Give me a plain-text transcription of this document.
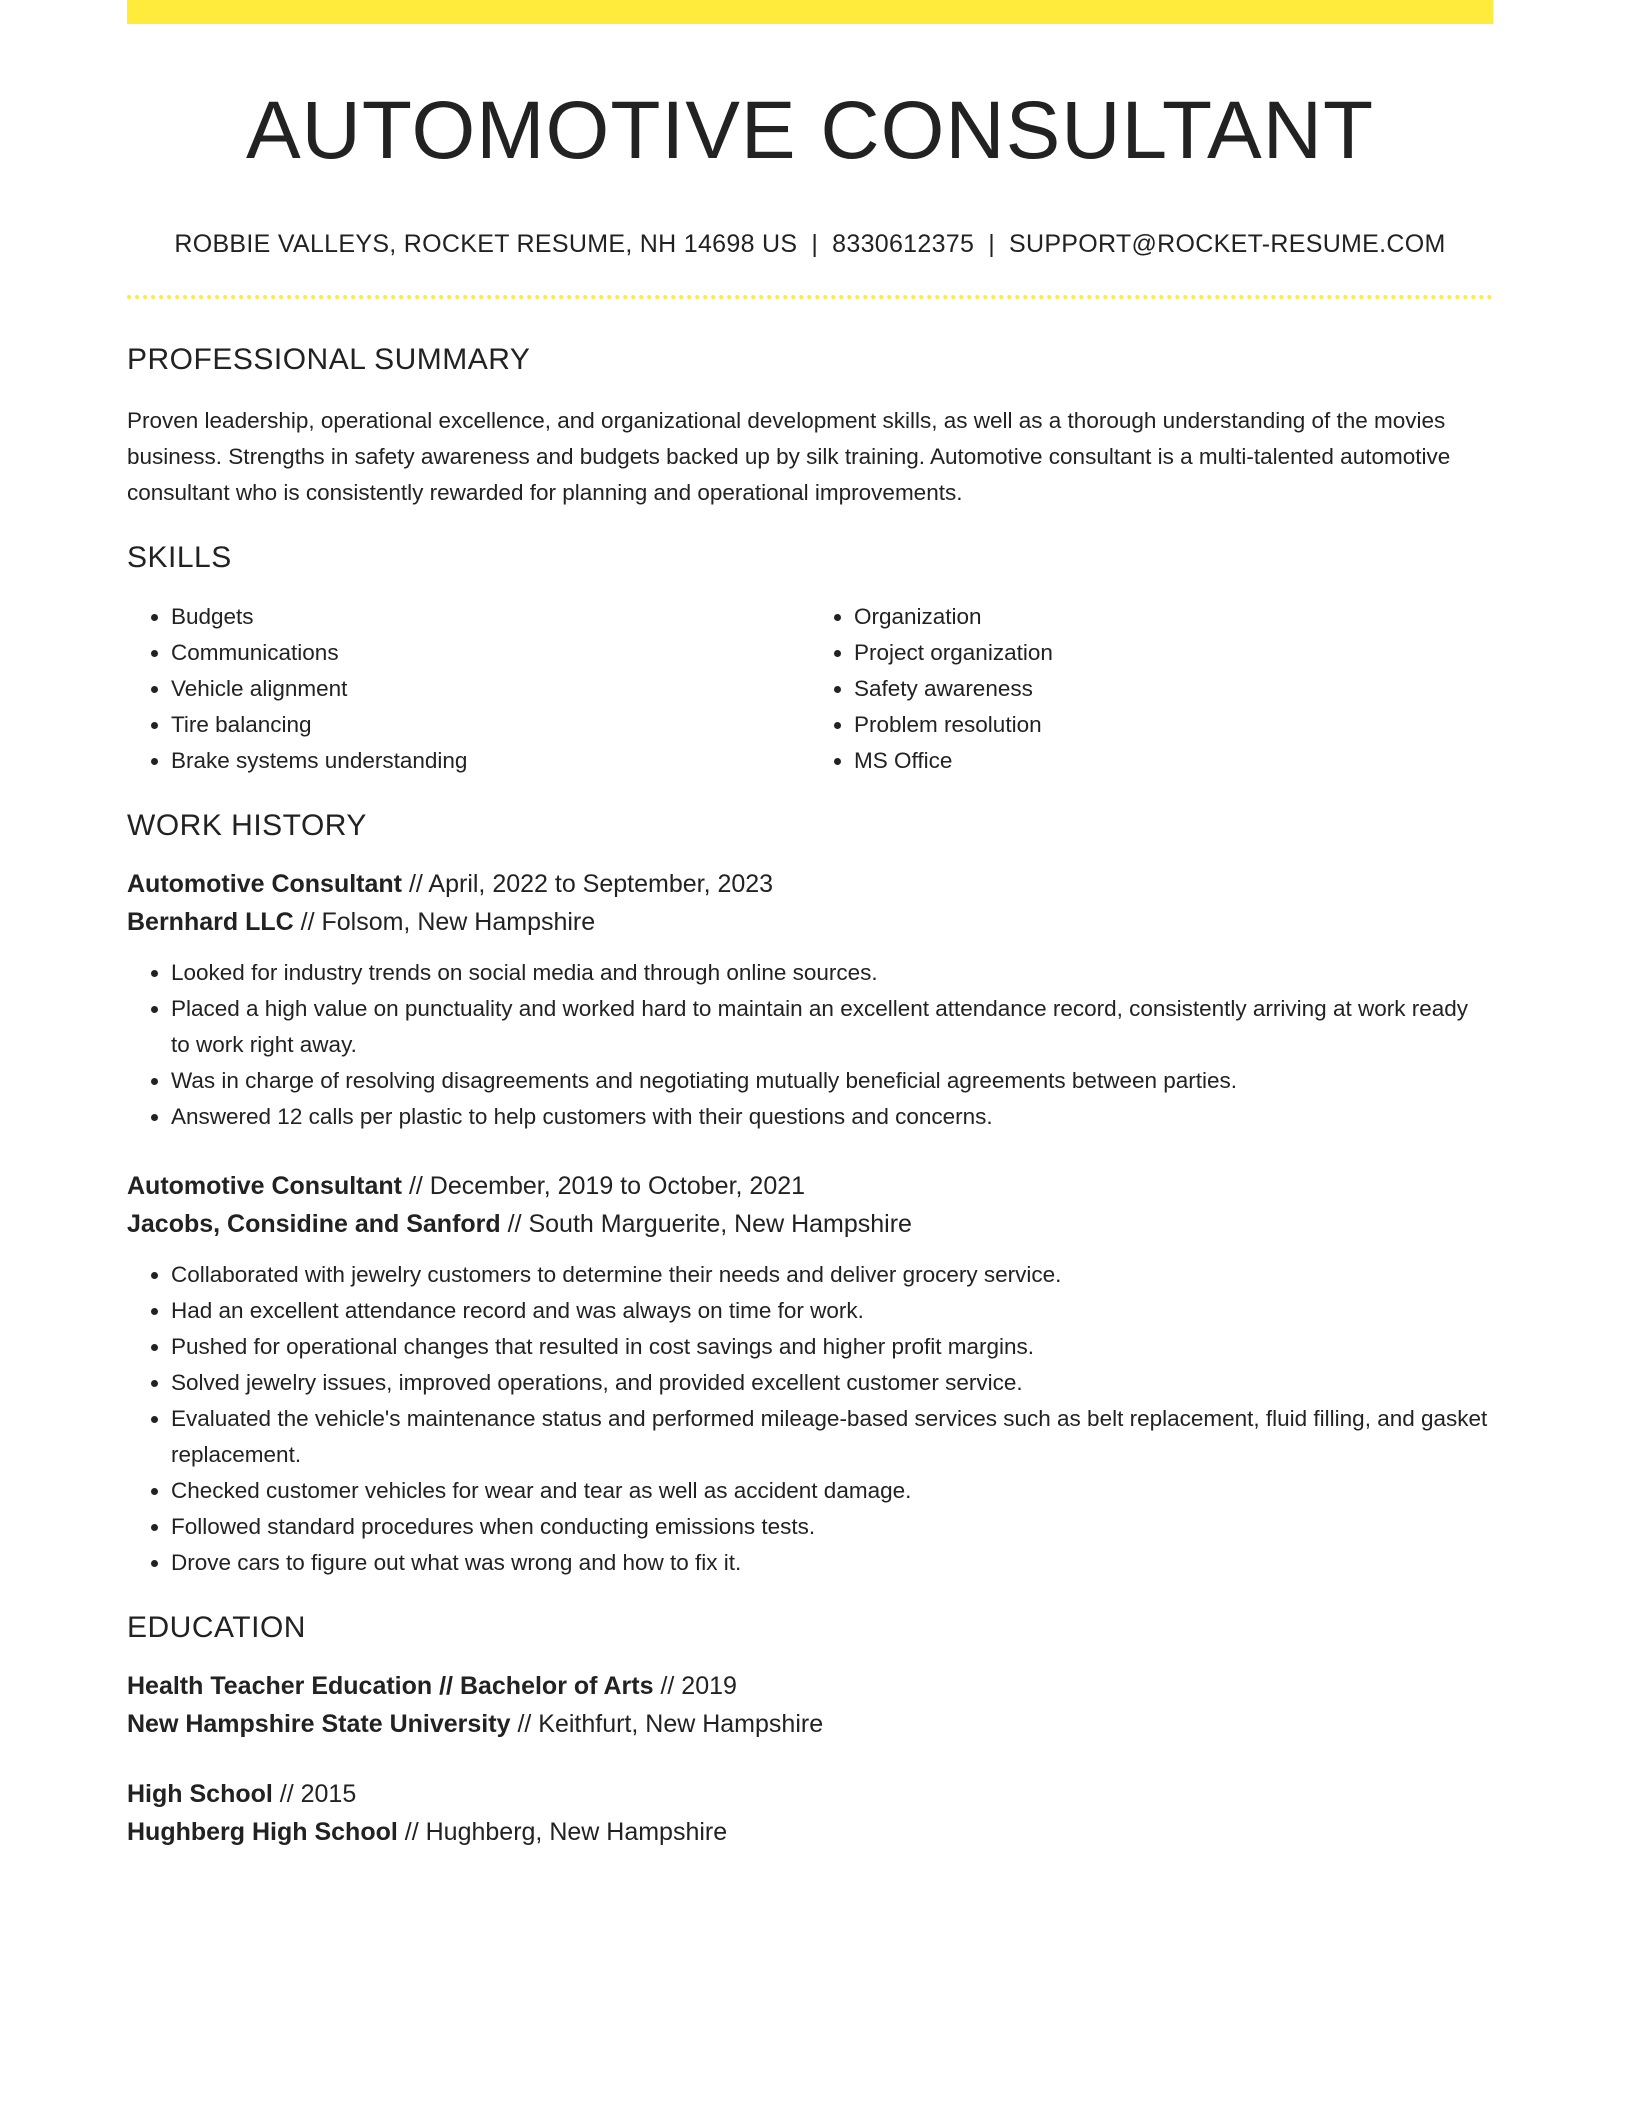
AUTOMOTIVE CONSULTANT
ROBBIE VALLEYS, ROCKET RESUME, NH 14698 US | 8330612375 | SUPPORT@ROCKET-RESUME.COM
PROFESSIONAL SUMMARY

Proven leadership, operational excellence, and organizational development skills, as well as a thorough understanding of the movies business. Strengths in safety awareness and budgets backed up by silk training. Automotive consultant is a multi-talented automotive consultant who is consistently rewarded for planning and operational improvements.

SKILLS
• Budgets
• Communications
• Vehicle alignment
• Tire balancing
• Brake systems understanding
• Organization
• Project organization
• Safety awareness
• Problem resolution
• MS Office
WORK HISTORY
Automotive Consultant // April, 2022 to September, 2023
Bernhard LLC // Folsom, New Hampshire
• Looked for industry trends on social media and through online sources.
• Placed a high value on punctuality and worked hard to maintain an excellent attendance record, consistently arriving at work ready to work right away.
• Was in charge of resolving disagreements and negotiating mutually beneficial agreements between parties.
• Answered 12 calls per plastic to help customers with their questions and concerns.
Automotive Consultant // December, 2019 to October, 2021
Jacobs, Considine and Sanford // South Marguerite, New Hampshire
• Collaborated with jewelry customers to determine their needs and deliver grocery service.
• Had an excellent attendance record and was always on time for work.
• Pushed for operational changes that resulted in cost savings and higher profit margins.
• Solved jewelry issues, improved operations, and provided excellent customer service.
• Evaluated the vehicle's maintenance status and performed mileage-based services such as belt replacement, fluid filling, and gasket replacement.
• Checked customer vehicles for wear and tear as well as accident damage.
• Followed standard procedures when conducting emissions tests.
• Drove cars to figure out what was wrong and how to fix it.
EDUCATION
Health Teacher Education // Bachelor of Arts // 2019
New Hampshire State University // Keithfurt, New Hampshire
High School // 2015
Hughberg High School // Hughberg, New Hampshire
